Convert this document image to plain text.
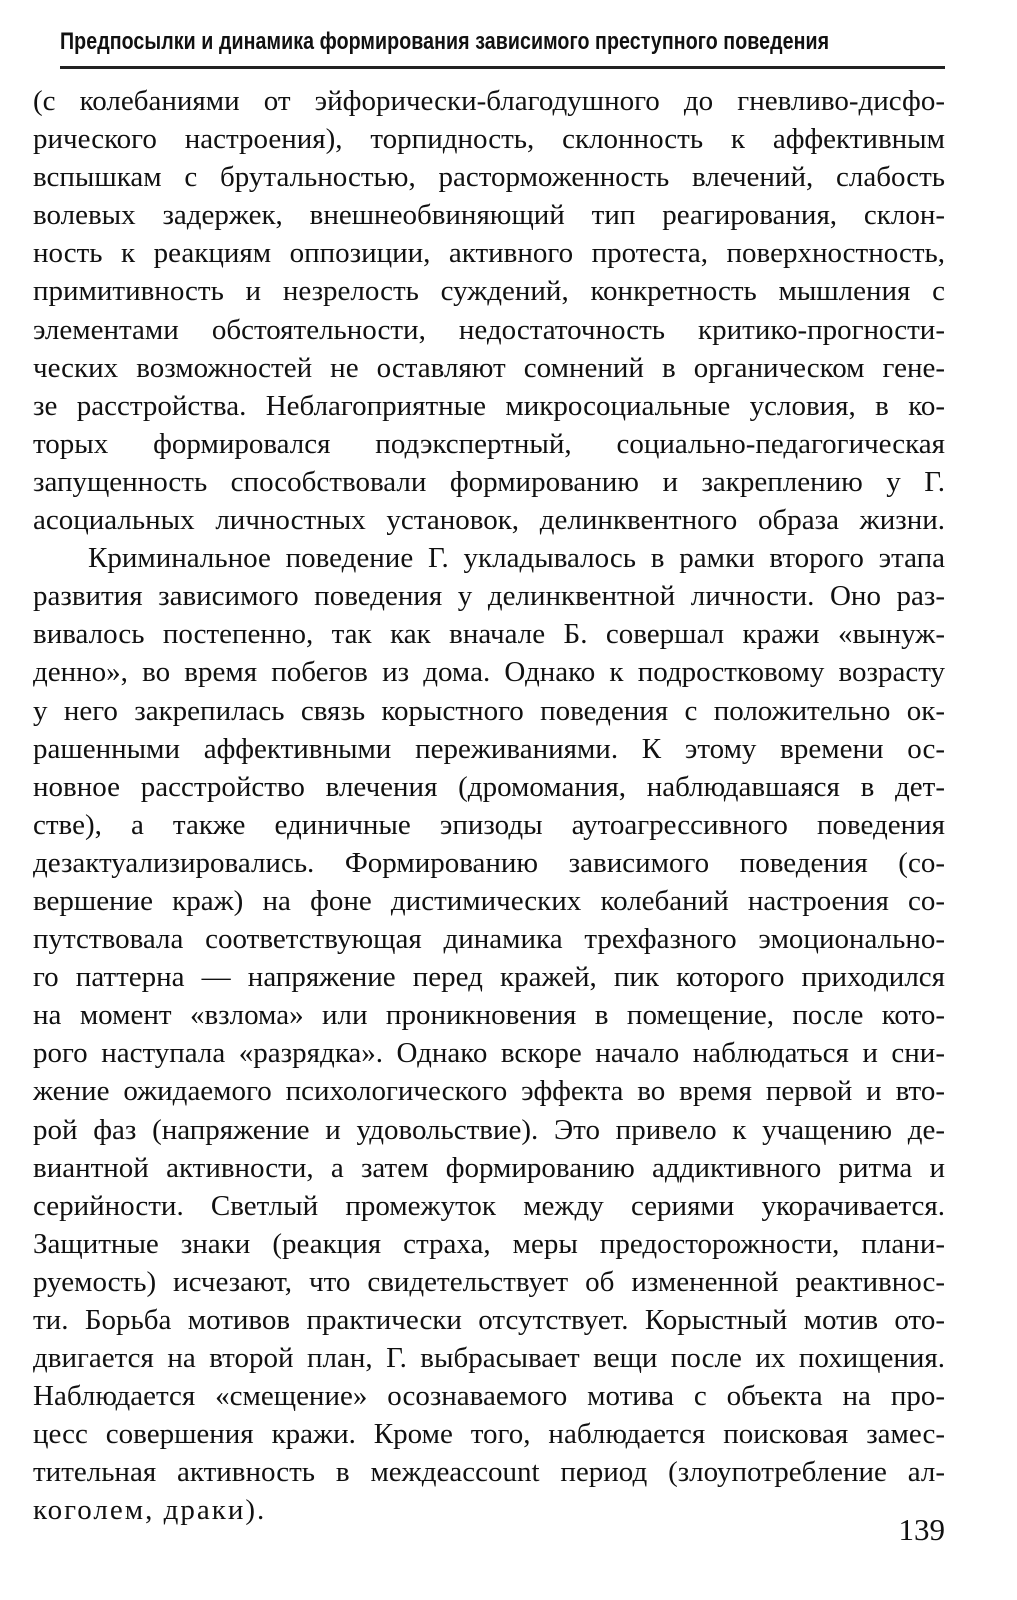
Предпосылки и динамика формирования зависимого преступного поведения
(с колебаниями от эйфорически-благодушного до гневливо-дисфо-
рического настроения), торпидность, склонность к аффективным
вспышкам с брутальностью, расторможенность влечений, слабость
волевых задержек, внешнеобвиняющий тип реагирования, склон-
ность к реакциям оппозиции, активного протеста, поверхностность,
примитивность и незрелость суждений, конкретность мышления с
элементами обстоятельности, недостаточность критико-прогности-
ческих возможностей не оставляют сомнений в органическом гене-
зе расстройства. Неблагоприятные микросоциальные условия, в ко-
торых формировался подэкспертный, социально-педагогическая
запущенность способствовали формированию и закреплению у Г.
асоциальных личностных установок, делинквентного образа жизни.
Криминальное поведение Г. укладывалось в рамки второго этапа
развития зависимого поведения у делинквентной личности. Оно раз-
вивалось постепенно, так как вначале Б. совершал кражи «вынуж-
денно», во время побегов из дома. Однако к подростковому возрасту
у него закрепилась связь корыстного поведения с положительно ок-
рашенными аффективными переживаниями. К этому времени ос-
новное расстройство влечения (дромомания, наблюдавшаяся в дет-
стве), а также единичные эпизоды аутоагрессивного поведения
дезактуализировались. Формированию зависимого поведения (со-
вершение краж) на фоне дистимических колебаний настроения со-
путствовала соответствующая динамика трехфазного эмоционально-
го паттерна — напряжение перед кражей, пик которого приходился
на момент «взлома» или проникновения в помещение, после кото-
рого наступала «разрядка». Однако вскоре начало наблюдаться и сни-
жение ожидаемого психологического эффекта во время первой и вто-
рой фаз (напряжение и удовольствие). Это привело к учащению де-
виантной активности, а затем формированию аддиктивного ритма и
серийности. Светлый промежуток между сериями укорачивается.
Защитные знаки (реакция страха, меры предосторожности, плани-
руемость) исчезают, что свидетельствует об измененной реактивнос-
ти. Борьба мотивов практически отсутствует. Корыстный мотив ото-
двигается на второй план, Г. выбрасывает вещи после их похищения.
Наблюдается «смещение» осознаваемого мотива с объекта на про-
цесс совершения кражи. Кроме того, наблюдается поисковая замес-
тительная активность в междеaccount период (злоупотребление ал-
коголем, драки).
139
